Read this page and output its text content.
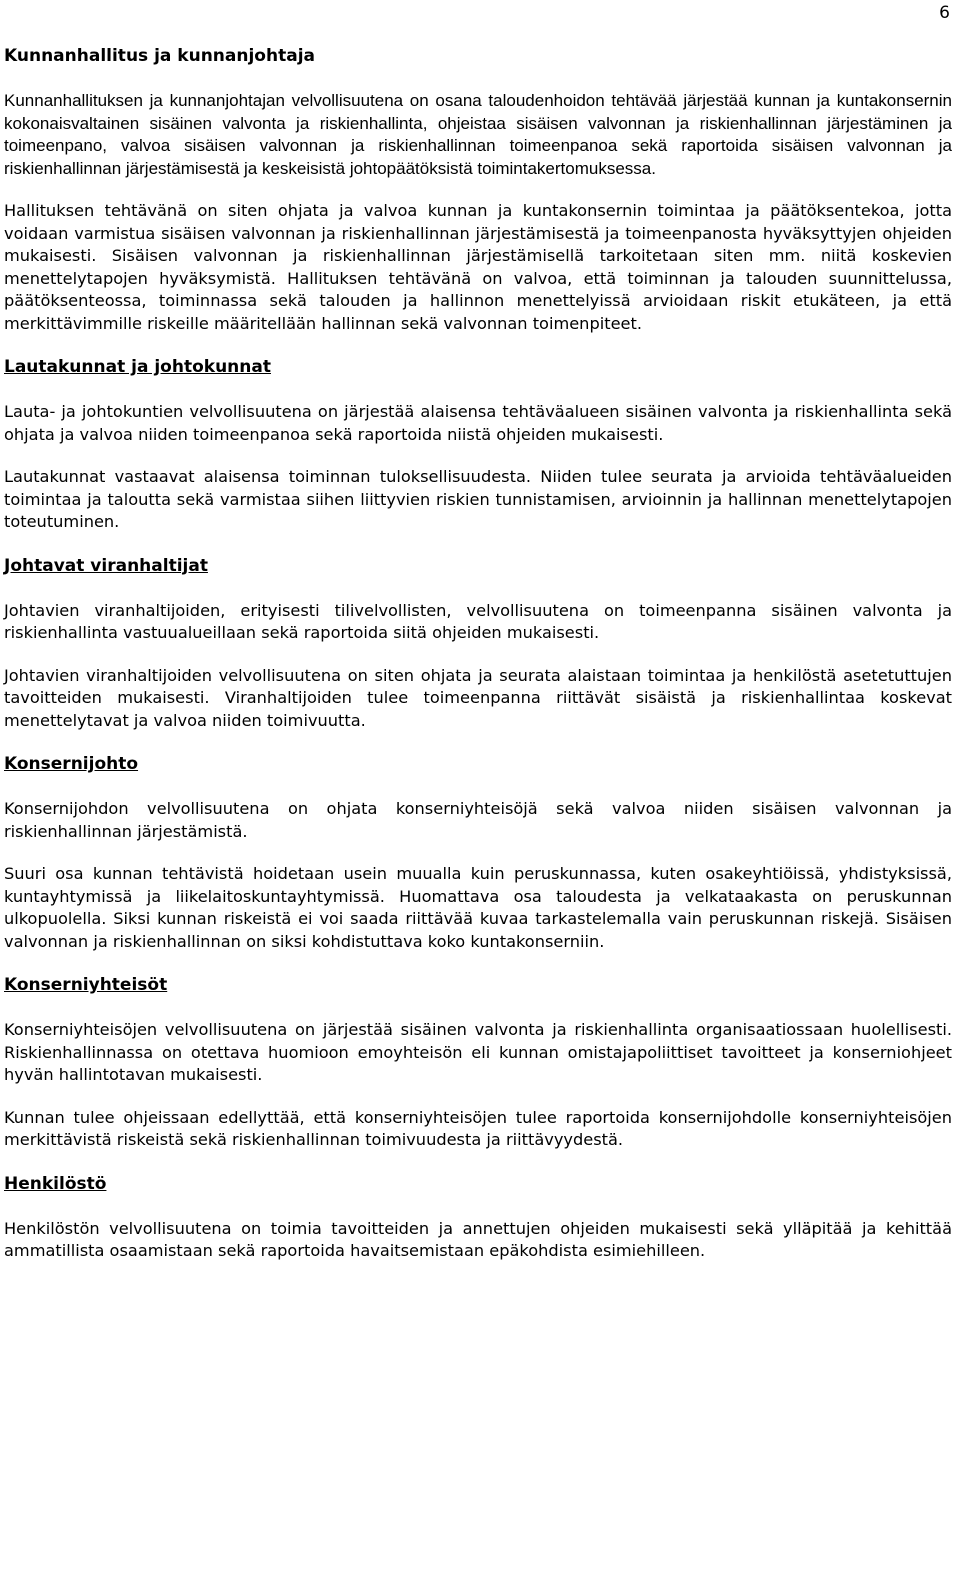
6
Kunnanhallitus ja kunnanjohtaja

Kunnanhallituksen ja kunnanjohtajan velvollisuutena on osana taloudenhoidon tehtävää järjestää kunnan ja kuntakonsernin kokonaisvaltainen sisäinen valvonta ja riskienhallinta, ohjeistaa sisäisen valvonnan ja riskienhallinnan järjestäminen ja toimeenpano, valvoa sisäisen valvonnan ja riskienhallinnan toimeenpanoa sekä raportoida sisäisen valvonnan ja riskienhallinnan järjestämisestä ja keskeisistä johtopäätöksistä toimintakertomuksessa.

Hallituksen tehtävänä on siten ohjata ja valvoa kunnan ja kuntakonsernin toimintaa ja päätöksentekoa, jotta voidaan varmistua sisäisen valvonnan ja riskienhallinnan järjestämisestä ja toimeenpanosta hyväksyttyjen ohjeiden mukaisesti. Sisäisen valvonnan ja riskienhallinnan järjestämisellä tarkoitetaan siten mm. niitä koskevien menettelytapojen hyväksymistä. Hallituksen tehtävänä on valvoa, että toiminnan ja talouden suunnittelussa, päätöksenteossa, toiminnassa sekä talouden ja hallinnon menettelyissä arvioidaan riskit etukäteen, ja että merkittävimmille riskeille määritellään hallinnan sekä valvonnan toimenpiteet.

Lautakunnat ja johtokunnat

Lauta- ja johtokuntien velvollisuutena on järjestää alaisensa tehtäväalueen sisäinen valvonta ja riskienhallinta sekä ohjata ja valvoa niiden toimeenpanoa sekä raportoida niistä ohjeiden mukaisesti.

Lautakunnat vastaavat alaisensa toiminnan tuloksellisuudesta. Niiden tulee seurata ja arvioida tehtäväalueiden toimintaa ja taloutta sekä varmistaa siihen liittyvien riskien tunnistamisen, arvioinnin ja hallinnan menettelytapojen toteutuminen.

Johtavat viranhaltijat

Johtavien viranhaltijoiden, erityisesti tilivelvollisten, velvollisuutena on toimeenpanna sisäinen valvonta ja riskienhallinta vastuualueillaan sekä raportoida siitä ohjeiden mukaisesti.

Johtavien viranhaltijoiden velvollisuutena on siten ohjata ja seurata alaistaan toimintaa ja henkilöstä asetetuttujen tavoitteiden mukaisesti. Viranhaltijoiden tulee toimeenpanna riittävät sisäistä ja riskienhallintaa koskevat menettelytavat ja valvoa niiden toimivuutta.

Konsernijohto

Konsernijohdon velvollisuutena on ohjata konserniyhteisöjä sekä valvoa niiden sisäisen valvonnan ja riskienhallinnan järjestämistä.

Suuri osa kunnan tehtävistä hoidetaan usein muualla kuin peruskunnassa, kuten osakeyhtiöissä, yhdistyksissä, kuntayhtymissä ja liikelaitoskuntayhtymissä. Huomattava osa taloudesta ja velkataakasta on peruskunnan ulkopuolella. Siksi kunnan riskeistä ei voi saada riittävää kuvaa tarkastelemalla vain peruskunnan riskejä. Sisäisen valvonnan ja riskienhallinnan on siksi kohdistuttava koko kuntakonserniin.

Konserniyhteisöt

Konserniyhteisöjen velvollisuutena on järjestää sisäinen valvonta ja riskienhallinta organisaatiossaan huolellisesti. Riskienhallinnassa on otettava huomioon emoyhteisön eli kunnan omistajapoliittiset tavoitteet ja konserniohjeet hyvän hallintotavan mukaisesti.

Kunnan tulee ohjeissaan edellyttää, että konserniyhteisöjen tulee raportoida konsernijohdolle konserniyhteisöjen merkittävistä riskeistä sekä riskienhallinnan toimivuudesta ja riittävyydestä.

Henkilöstö

Henkilöstön velvollisuutena on toimia tavoitteiden ja annettujen ohjeiden mukaisesti sekä ylläpitää ja kehittää ammatillista osaamistaan sekä raportoida havaitsemistaan epäkohdista esimiehilleen.
